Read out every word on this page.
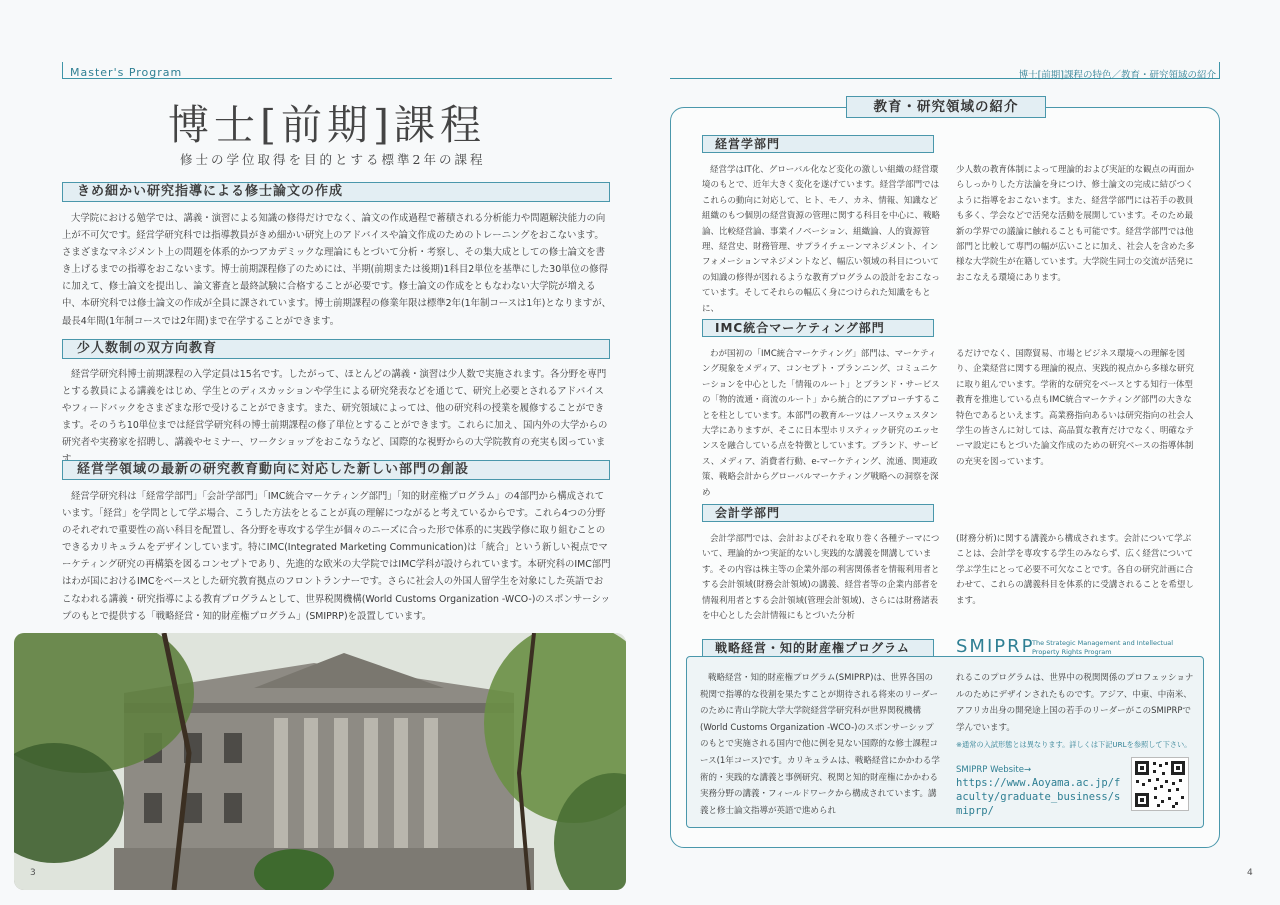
Master's Program	博士[前期]課程の特色／教育・研究領域の紹介
博士[前期]課程
修士の学位取得を目的とする標準2年の課程
きめ細かい研究指導による修士論文の作成
大学院における勉学では、講義・演習による知識の修得だけでなく、論文の作成過程で蓄積される分析能力や問題解決能力の向上が不可欠です。経営学研究科では指導教員がきめ細かい研究上のアドバイスや論文作成のためのトレーニングをおこないます。さまざまなマネジメント上の問題を体系的かつアカデミックな理論にもとづいて分析・考察し、その集大成としての修士論文を書き上げるまでの指導をおこないます。博士前期課程修了のためには、半期(前期または後期)1科目2単位を基準にした30単位の修得に加えて、修士論文を提出し、論文審査と最終試験に合格することが必要です。修士論文の作成をともなわない大学院が増える中、本研究科では修士論文の作成が全員に課されています。博士前期課程の修業年限は標準2年(1年制コースは1年)となりますが、最長4年間(1年制コースでは2年間)まで在学することができます。
少人数制の双方向教育
経営学研究科博士前期課程の入学定員は15名です。したがって、ほとんどの講義・演習は少人数で実施されます。各分野を専門とする教員による講義をはじめ、学生とのディスカッションや学生による研究発表などを通じて、研究上必要とされるアドバイスやフィードバックをさまざまな形で受けることができます。また、研究領域によっては、他の研究科の授業を履修することができます。そのうち10単位までは経営学研究科の博士前期課程の修了単位とすることができます。これらに加え、国内外の大学からの研究者や実務家を招聘し、講義やセミナー、ワークショップをおこなうなど、国際的な視野からの大学院教育の充実も図っていま
経営学領域の最新の研究教育動向に対応した新しい部門の創設
経営学研究科は「経常学部門」「会計学部門」「IMC統合マーケティング部門」「知的財産権プログラム」の4部門から構成されています。「経営」を学問として学ぶ場合、こうした方法をとることが真の理解につながると考えているからです。これら4つの分野のそれぞれで重要性の高い科目を配置し、各分野を専攻する学生が個々のニーズに合った形で体系的に実践学修に取り組むことのできるカリキュラムをデザインしています。特にIMC(Integrated Marketing Communication)は「統合」という新しい視点でマーケティング研究の再構築を図るコンセプトであり、先進的な欧米の大学院ではIMC学科が設けられています。本研究科のIMC部門はわが国におけるIMCをベースとした研究教育拠点のフロントランナーです。さらに社会人の外国人留学生を対象にした英語でおこなわれる講義・研究指導による教育プログラムとして、世界税関機構(World Customs Organization -WCO-)のスポンサーシップのもとで提供する「戦略経営・知的財産権プログラム」(SMIPRP)を設置しています。
3
教育・研究領域の紹介
経営学部門
経営学はIT化、グローバル化など変化の激しい組織の経営環境のもとで、近年大きく変化を遂げています。経営学部門ではこれらの動向に対応して、ヒト、モノ、カネ、情報、知識など組織のもつ個別の経営資源の管理に関する科目を中心に、戦略論、比較経営論、事業イノベーション、組織論、人的資源管理、経営史、財務管理、サプライチェーンマネジメント、インフォメーションマネジメントなど、幅広い領域の科目についての知識の修得が図れるような教育プログラムの設計をおこなっています。そしてそれらの幅広く身につけられた知識をもとに、
少人数の教育体制によって理論的および実証的な観点の両面からしっかりした方法論を身につけ、修士論文の完成に結びつくように指導をおこないます。また、経営学部門には若手の教員も多く、学会などで活発な活動を展開しています。そのため最新の学界での議論に触れることも可能です。経営学部門では他部門と比較して専門の幅が広いことに加え、社会人を含めた多様な大学院生が在籍しています。大学院生同士の交流が活発におこなえる環境にあります。
IMC統合マーケティング部門
わが国初の「IMC統合マーケティング」部門は、マーケティング現象をメディア、コンセプト・プランニング、コミュニケーションを中心とした「情報のルート」とブランド・サービスの「物的流通・商流のルート」から統合的にアプローチすることを柱としています。本部門の教育ルーツはノースウェスタン大学にありますが、そこに日本型ホリスティック研究のエッセンスを融合している点を特徴としています。ブランド、サービス、メディア、消費者行動、e-マーケティング、流通、関連政策、戦略会計からグローバルマーケティング戦略への洞察を深め
るだけでなく、国際貿易、市場とビジネス環境への理解を図り、企業経営に関する理論的視点、実践的視点から多様な研究に取り組んでいます。学術的な研究をベースとする知行一体型教育を推進している点もIMC統合マーケティング部門の大きな特色であるといえます。高業務指向あるいは研究指向の社会人学生の皆さんに対しては、高品質な教育だけでなく、明確なテーマ設定にもとづいた論文作成のための研究ベースの指導体制の充実を図っています。
会計学部門
会計学部門では、会計およびそれを取り巻く各種テーマについて、理論的かつ実証的ないし実践的な講義を開講しています。その内容は株主等の企業外部の利害関係者を情報利用者とする会計領域(財務会計領域)の講義、経営者等の企業内部者を情報利用者とする会計領域(管理会計領域)、さらには財務諸表を中心とした会計情報にもとづいた分析
(財務分析)に関する講義から構成されます。会計について学ぶことは、会計学を専攻する学生のみならず、広く経営について学ぶ学生にとって必要不可欠なことです。各自の研究計画に合わせて、これらの講義科目を体系的に受講されることを希望します。
戦略経営・知的財産権プログラム	SMIPRP
The Strategic Management and Intellectual Property Rights Program
戦略経営・知的財産権プログラム(SMIPRP)は、世界各国の税関で指導的な役割を果たすことが期待される将来のリーダーのために青山学院大学大学院経営学研究科が世界関税機構(World Customs Organization -WCO-)のスポンサーシップのもとで実施される国内で他に例を見ない国際的な修士課程コース(1年コース)です。カリキュラムは、戦略経営にかかわる学術的・実践的な講義と事例研究、税関と知的財産権にかかわる実務分野の講義・フィールドワークから構成されています。講義と修士論文指導が英語で進められ
れるこのプログラムは、世界中の税関関係のプロフェッショナルのためにデザインされたものです。アジア、中東、中南米、アフリカ出身の開発途上国の若手のリーダーがこのSMIPRPで学んでいます。
※通常の入試形態とは異なります。詳しくは下記URLを参照して下さい。
SMIPRP Website→
https://www.Aoyama.ac.jp/faculty/graduate_business/smiprp/
4
